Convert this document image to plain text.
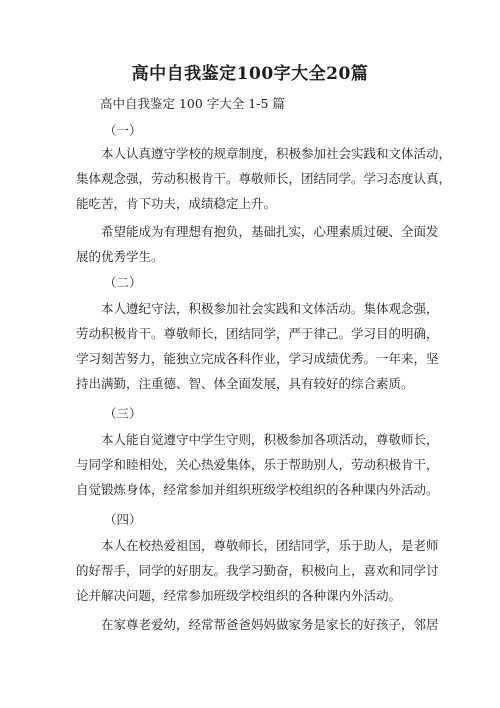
高中自我鉴定100字大全20篇
高中自我鉴定 100 字大全 1-5 篇
（一）
本人认真遵守学校的规章制度，积极参加社会实践和文体活动，
集体观念强，劳动积极肯干。尊敬师长，团结同学。学习态度认真，
能吃苦，肯下功夫，成绩稳定上升。
希望能成为有理想有抱负，基础扎实，心理素质过硬、全面发
展的优秀学生。
（二）
本人遵纪守法，积极参加社会实践和文体活动。集体观念强，
劳动积极肯干。尊敬师长，团结同学，严于律己。学习目的明确，
学习刻苦努力，能独立完成各科作业，学习成绩优秀。一年来，坚
持出满勤，注重德、智、体全面发展，具有较好的综合素质。
（三）
本人能自觉遵守中学生守则，积极参加各项活动，尊敬师长，
与同学和睦相处，关心热爱集体，乐于帮助别人，劳动积极肯干，
自觉锻炼身体，经常参加并组织班级学校组织的各种课内外活动。
（四）
本人在校热爱祖国，尊敬师长，团结同学，乐于助人，是老师
的好帮手，同学的好朋友。我学习勤奋，积极向上，喜欢和同学讨
论并解决问题，经常参加班级学校组织的各种课内外活动。
在家尊老爱幼，经常帮爸爸妈妈做家务是家长的好孩子，邻居
